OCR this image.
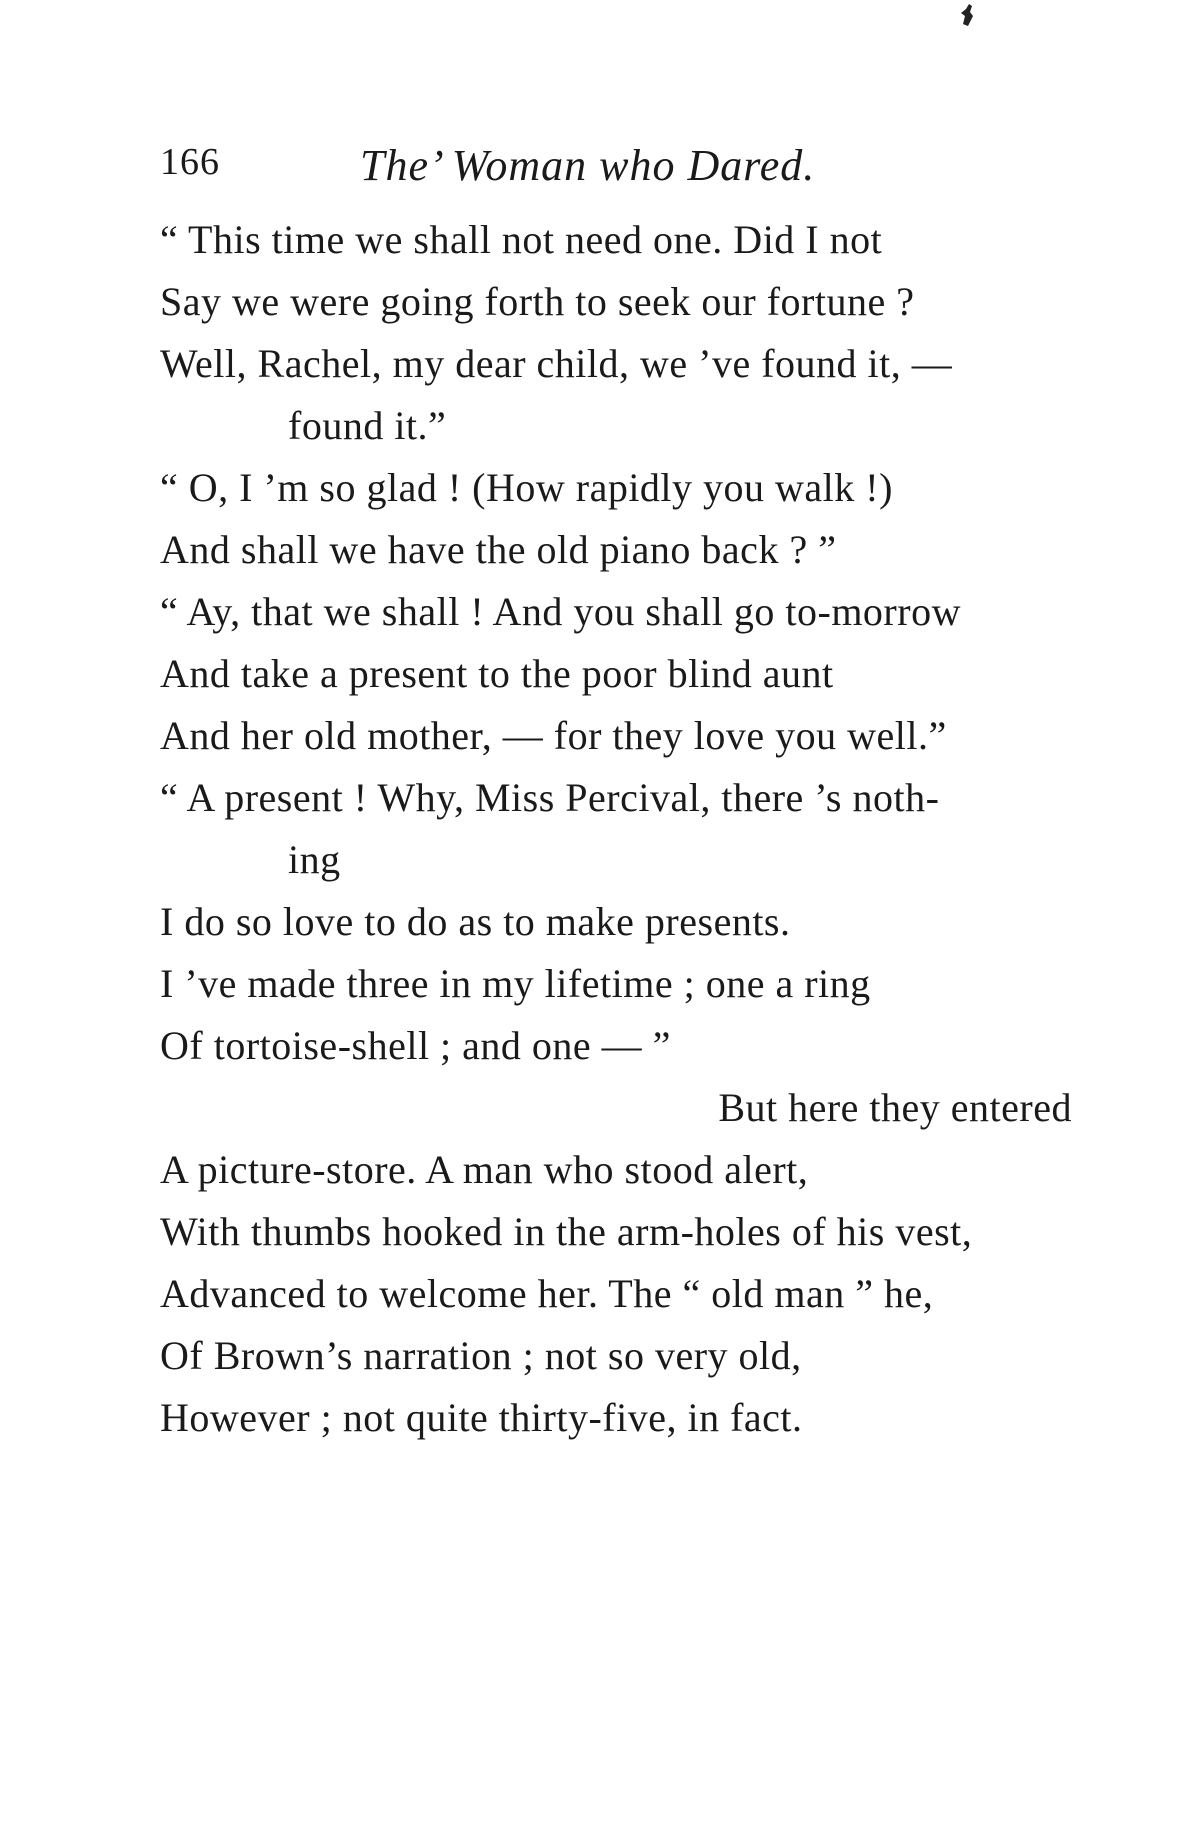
166	The’ Woman who Dared.
“ This time we shall not need one. Did I not
Say we were going forth to seek our fortune ?
Well, Rachel, my dear child, we ’ve found it, —
found it.”
“ O, I ’m so glad ! (How rapidly you walk !)
And shall we have the old piano back ? ”
“ Ay, that we shall ! And you shall go to-morrow
And take a present to the poor blind aunt
And her old mother, — for they love you well.”
“ A present ! Why, Miss Percival, there ’s noth-
ing
I do so love to do as to make presents.
I ’ve made three in my lifetime ; one a ring
Of tortoise-shell ; and one — ”
But here they entered
A picture-store. A man who stood alert,
With thumbs hooked in the arm-holes of his vest,
Advanced to welcome her. The “ old man ” he,
Of Brown’s narration ; not so very old,
However ; not quite thirty-five, in fact.
